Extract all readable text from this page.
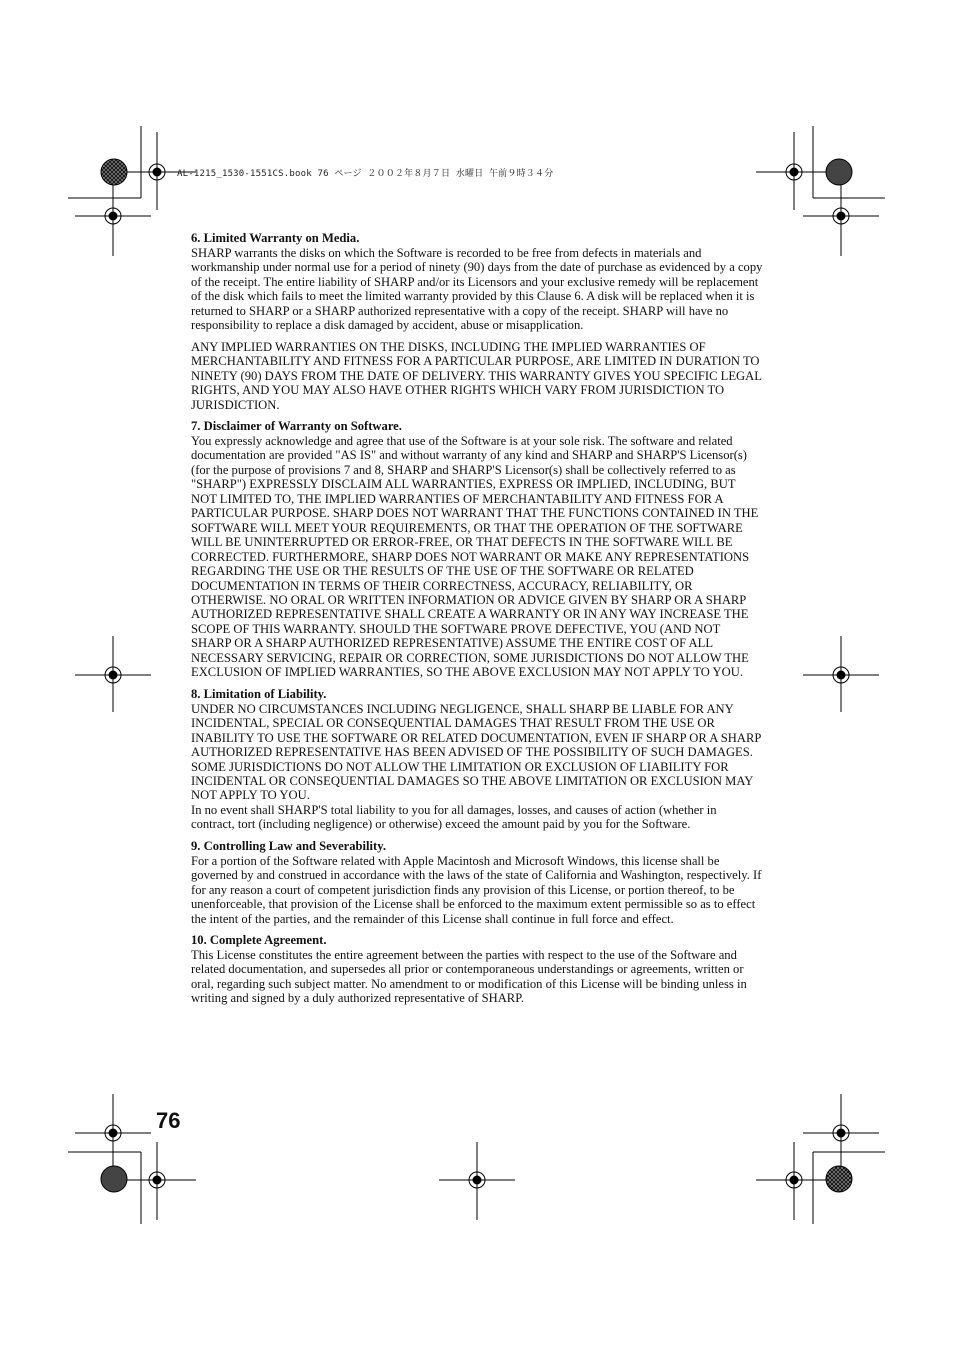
AL-1215_1530-1551CS.book 76 ページ ２００２年８月７日 水曜日 午前９時３４分

6. Limited Warranty on Media.

SHARP warrants the disks on which the Software is recorded to be free from defects in materials and workmanship under normal use for a period of ninety (90) days from the date of purchase as evidenced by a copy of the receipt. The entire liability of SHARP and/or its Licensors and your exclusive remedy will be replacement of the disk which fails to meet the limited warranty provided by this Clause 6. A disk will be replaced when it is returned to SHARP or a SHARP authorized representative with a copy of the receipt. SHARP will have no responsibility to replace a disk damaged by accident, abuse or misapplication.

ANY IMPLIED WARRANTIES ON THE DISKS, INCLUDING THE IMPLIED WARRANTIES OF MERCHANTABILITY AND FITNESS FOR A PARTICULAR PURPOSE, ARE LIMITED IN DURATION TO NINETY (90) DAYS FROM THE DATE OF DELIVERY. THIS WARRANTY GIVES YOU SPECIFIC LEGAL RIGHTS, AND YOU MAY ALSO HAVE OTHER RIGHTS WHICH VARY FROM JURISDICTION TO JURISDICTION.

7. Disclaimer of Warranty on Software.

You expressly acknowledge and agree that use of the Software is at your sole risk. The software and related documentation are provided "AS IS" and without warranty of any kind and SHARP and SHARP'S Licensor(s) (for the purpose of provisions 7 and 8, SHARP and SHARP'S Licensor(s) shall be collectively referred to as "SHARP") EXPRESSLY DISCLAIM ALL WARRANTIES, EXPRESS OR IMPLIED, INCLUDING, BUT NOT LIMITED TO, THE IMPLIED WARRANTIES OF MERCHANTABILITY AND FITNESS FOR A PARTICULAR PURPOSE. SHARP DOES NOT WARRANT THAT THE FUNCTIONS CONTAINED IN THE SOFTWARE WILL MEET YOUR REQUIREMENTS, OR THAT THE OPERATION OF THE SOFTWARE WILL BE UNINTERRUPTED OR ERROR-FREE, OR THAT DEFECTS IN THE SOFTWARE WILL BE CORRECTED. FURTHERMORE, SHARP DOES NOT WARRANT OR MAKE ANY REPRESENTATIONS REGARDING THE USE OR THE RESULTS OF THE USE OF THE SOFTWARE OR RELATED DOCUMENTATION IN TERMS OF THEIR CORRECTNESS, ACCURACY, RELIABILITY, OR OTHERWISE. NO ORAL OR WRITTEN INFORMATION OR ADVICE GIVEN BY SHARP OR A SHARP AUTHORIZED REPRESENTATIVE SHALL CREATE A WARRANTY OR IN ANY WAY INCREASE THE SCOPE OF THIS WARRANTY. SHOULD THE SOFTWARE PROVE DEFECTIVE, YOU (AND NOT SHARP OR A SHARP AUTHORIZED REPRESENTATIVE) ASSUME THE ENTIRE COST OF ALL NECESSARY SERVICING, REPAIR OR CORRECTION, SOME JURISDICTIONS DO NOT ALLOW THE EXCLUSION OF IMPLIED WARRANTIES, SO THE ABOVE EXCLUSION MAY NOT APPLY TO YOU.

8. Limitation of Liability.

UNDER NO CIRCUMSTANCES INCLUDING NEGLIGENCE, SHALL SHARP BE LIABLE FOR ANY INCIDENTAL, SPECIAL OR CONSEQUENTIAL DAMAGES THAT RESULT FROM THE USE OR INABILITY TO USE THE SOFTWARE OR RELATED DOCUMENTATION, EVEN IF SHARP OR A SHARP AUTHORIZED REPRESENTATIVE HAS BEEN ADVISED OF THE POSSIBILITY OF SUCH DAMAGES. SOME JURISDICTIONS DO NOT ALLOW THE LIMITATION OR EXCLUSION OF LIABILITY FOR INCIDENTAL OR CONSEQUENTIAL DAMAGES SO THE ABOVE LIMITATION OR EXCLUSION MAY NOT APPLY TO YOU.

In no event shall SHARP'S total liability to you for all damages, losses, and causes of action (whether in contract, tort (including negligence) or otherwise) exceed the amount paid by you for the Software.

9. Controlling Law and Severability.

For a portion of the Software related with Apple Macintosh and Microsoft Windows, this license shall be governed by and construed in accordance with the laws of the state of California and Washington, respectively. If for any reason a court of competent jurisdiction finds any provision of this License, or portion thereof, to be unenforceable, that provision of the License shall be enforced to the maximum extent permissible so as to effect the intent of the parties, and the remainder of this License shall continue in full force and effect.

10. Complete Agreement.

This License constitutes the entire agreement between the parties with respect to the use of the Software and related documentation, and supersedes all prior or contemporaneous understandings or agreements, written or oral, regarding such subject matter. No amendment to or modification of this License will be binding unless in writing and signed by a duly authorized representative of SHARP.

76
